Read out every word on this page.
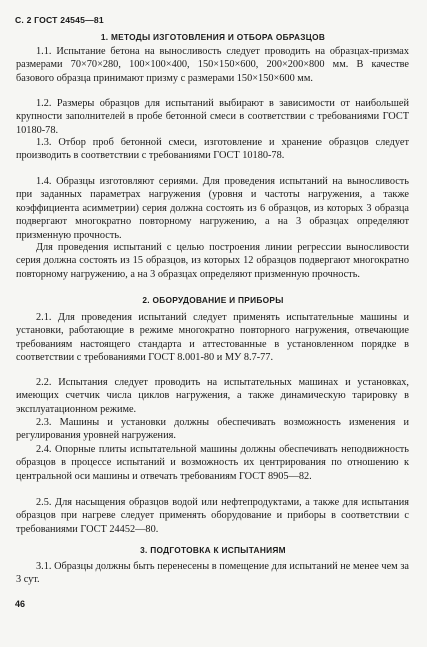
С. 2 ГОСТ 24545—81
1. МЕТОДЫ ИЗГОТОВЛЕНИЯ И ОТБОРА ОБРАЗЦОВ
1.1. Испытание бетона на выносливость следует проводить на образцах-призмах размерами 70×70×280, 100×100×400, 150×150×600, 200×200×800 мм. В качестве базового образца принимают призму с размерами 150×150×600 мм.
1.2. Размеры образцов для испытаний выбирают в зависимости от наибольшей крупности заполнителей в пробе бетонной смеси в соответствии с требованиями ГОСТ 10180-78.
1.3. Отбор проб бетонной смеси, изготовление и хранение образцов следует производить в соответствии с требованиями ГОСТ 10180-78.
1.4. Образцы изготовляют сериями. Для проведения испытаний на выносливость при заданных параметрах нагружения (уровня и частоты нагружения, а также коэффициента асимметрии) серия должна состоять из 6 образцов, из которых 3 образца подвергают многократно повторному нагружению, а на 3 образцах определяют призменную прочность.
Для проведения испытаний с целью построения линии регрессии выносливости серия должна состоять из 15 образцов, из которых 12 образцов подвергают многократно повторному нагружению, а на 3 образцах определяют призменную прочность.
2. ОБОРУДОВАНИЕ И ПРИБОРЫ
2.1. Для проведения испытаний следует применять испытательные машины и установки, работающие в режиме многократно повторного нагружения, отвечающие требованиям настоящего стандарта и аттестованные в установленном порядке в соответствии с требованиями ГОСТ 8.001-80 и МУ 8.7-77.
2.2. Испытания следует проводить на испытательных машинах и установках, имеющих счетчик числа циклов нагружения, а также динамическую тарировку в эксплуатационном режиме.
2.3. Машины и установки должны обеспечивать возможность изменения и регулирования уровней нагружения.
2.4. Опорные плиты испытательной машины должны обеспечивать неподвижность образцов в процессе испытаний и возможность их центрирования по отношению к центральной оси машины и отвечать требованиям ГОСТ 8905—82.
2.5. Для насыщения образцов водой или нефтепродуктами, а также для испытания образцов при нагреве следует применять оборудование и приборы в соответствии с требованиями ГОСТ 24452—80.
3. ПОДГОТОВКА К ИСПЫТАНИЯМ
3.1. Образцы должны быть перенесены в помещение для испытаний не менее чем за 3 сут.
46
